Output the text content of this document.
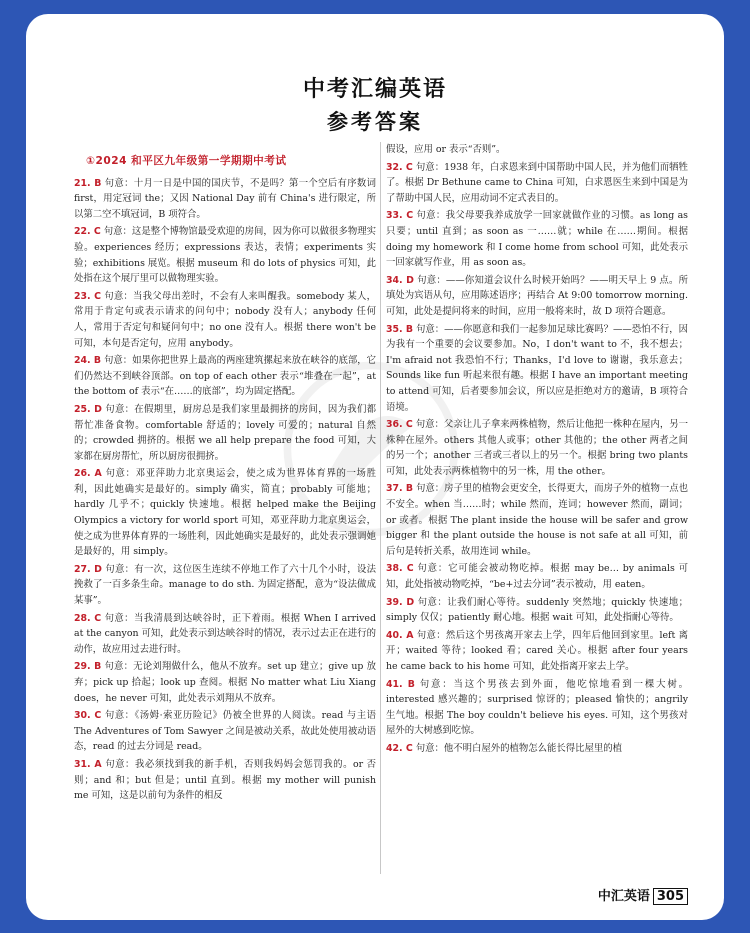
中考汇编英语
参考答案
①2024 和平区九年级第一学期期中考试
21. B 句意：十月一日是中国的国庆节，不是吗？第一个空后有序数词 first，用定冠词 the；又因 National Day 前有 China's 进行限定，所以第二空不填冠词，B 项符合。
22. C 句意：这是整个博物馆最受欢迎的房间，因为你可以做很多物理实验。experiences 经历；expressions 表达，表情；experiments 实验；exhibitions 展览。根据 museum 和 do lots of physics 可知，此处指在这个展厅里可以做物理实验。
23. C 句意：当我父母出差时，不会有人来叫醒我。somebody 某人，常用于肯定句或表示请求的问句中；nobody 没有人；anybody 任何人，常用于否定句和疑问句中；no one 没有人。根据 there won't be 可知，本句是否定句，应用 anybody。
24. B 句意：如果你把世界上最高的两座建筑摞起来放在峡谷的底部，它们仍然达不到峡谷顶部。on top of each other 表示“堆叠在一起”，at the bottom of 表示“在……的底部”，均为固定搭配。
25. D 句意：在假期里，厨房总是我们家里最拥挤的房间，因为我们都帮忙准备食物。comfortable 舒适的；lovely 可爱的；natural 自然的；crowded 拥挤的。根据 we all help prepare the food 可知，大家都在厨房帮忙，所以厨房很拥挤。
26. A 句意：邓亚萍助力北京奥运会，使之成为世界体育界的一场胜利，因此她确实是最好的。simply 确实，简直；probably 可能地；hardly 几乎不；quickly 快速地。根据 helped make the Beijing Olympics a victory for world sport 可知，邓亚萍助力北京奥运会，使之成为世界体育界的一场胜利，因此她确实是最好的，此处表示强调她是最好的，用 simply。
27. D 句意：有一次，这位医生连续不停地工作了六十几个小时，设法挽救了一百多条生命。manage to do sth. 为固定搭配，意为“设法做成某事”。
28. C 句意：当我清晨到达峡谷时，正下着雨。根据 When I arrived at the canyon 可知，此处表示到达峡谷时的情况，表示过去正在进行的动作，故应用过去进行时。
29. B 句意：无论刘翔做什么，他从不放弃。set up 建立；give up 放弃；pick up 拾起；look up 查阅。根据 No matter what Liu Xiang does，he never 可知，此处表示刘翔从不放弃。
30. C 句意：《汤姆·索亚历险记》仍被全世界的人阅读。read 与主语 The Adventures of Tom Sawyer 之间是被动关系，故此处使用被动语态，read 的过去分词是 read。
31. A 句意：我必须找到我的新手机，否则我妈妈会惩罚我的。or 否则；and 和；but 但是；until 直到。根据 my mother will punish me 可知，这是以前句为条件的相反
假设，应用 or 表示“否则”。
32. C 句意：1938 年，白求恩来到中国帮助中国人民，并为他们而牺牲了。根据 Dr Bethune came to China 可知，白求恩医生来到中国是为了帮助中国人民，应用动词不定式表目的。
33. C 句意：我父母要我养成放学一回家就做作业的习惯。as long as 只要；until 直到；as soon as 一……就；while 在……期间。根据 doing my homework 和 I come home from school 可知，此处表示一回家就写作业，用 as soon as。
34. D 句意：——你知道会议什么时候开始吗？——明天早上 9 点。所填处为宾语从句，应用陈述语序；再结合 At 9:00 tomorrow morning. 可知，此处是提问将来的时间，应用一般将来时，故 D 项符合题意。
35. B 句意：——你愿意和我们一起参加足球比赛吗？——恐怕不行，因为我有一个重要的会议要参加。No，I don't want to 不，我不想去；I'm afraid not 我恐怕不行；Thanks，I'd love to 谢谢，我乐意去；Sounds like fun 听起来很有趣。根据 I have an important meeting to attend 可知，后者要参加会议，所以应是拒绝对方的邀请，B 项符合语境。
36. C 句意：父亲让儿子拿来两株植物，然后让他把一株种在屋内，另一株种在屋外。others 其他人或事；other 其他的；the other 两者之间的另一个；another 三者或三者以上的另一个。根据 bring two plants 可知，此处表示两株植物中的另一株，用 the other。
37. B 句意：房子里的植物会更安全，长得更大，而房子外的植物一点也不安全。when 当……时；while 然而，连词；however 然而，副词；or 或者。根据 The plant inside the house will be safer and grow bigger 和 the plant outside the house is not safe at all 可知，前后句是转折关系，故用连词 while。
38. C 句意：它可能会被动物吃掉。根据 may be… by animals 可知，此处指被动物吃掉，“be+过去分词”表示被动，用 eaten。
39. D 句意：让我们耐心等待。suddenly 突然地；quickly 快速地；simply 仅仅；patiently 耐心地。根据 wait 可知，此处指耐心等待。
40. A 句意：然后这个男孩离开家去上学，四年后他回到家里。left 离开；waited 等待；looked 看；cared 关心。根据 after four years he came back to his home 可知，此处指离开家去上学。
41. B 句意：当这个男孩去到外面，他吃惊地看到一棵大树。interested 感兴趣的；surprised 惊讶的；pleased 愉快的；angrily 生气地。根据 The boy couldn't believe his eyes. 可知，这个男孩对屋外的大树感到吃惊。
42. C 句意：他不明白屋外的植物怎么能长得比屋里的植
中汇英语 305
